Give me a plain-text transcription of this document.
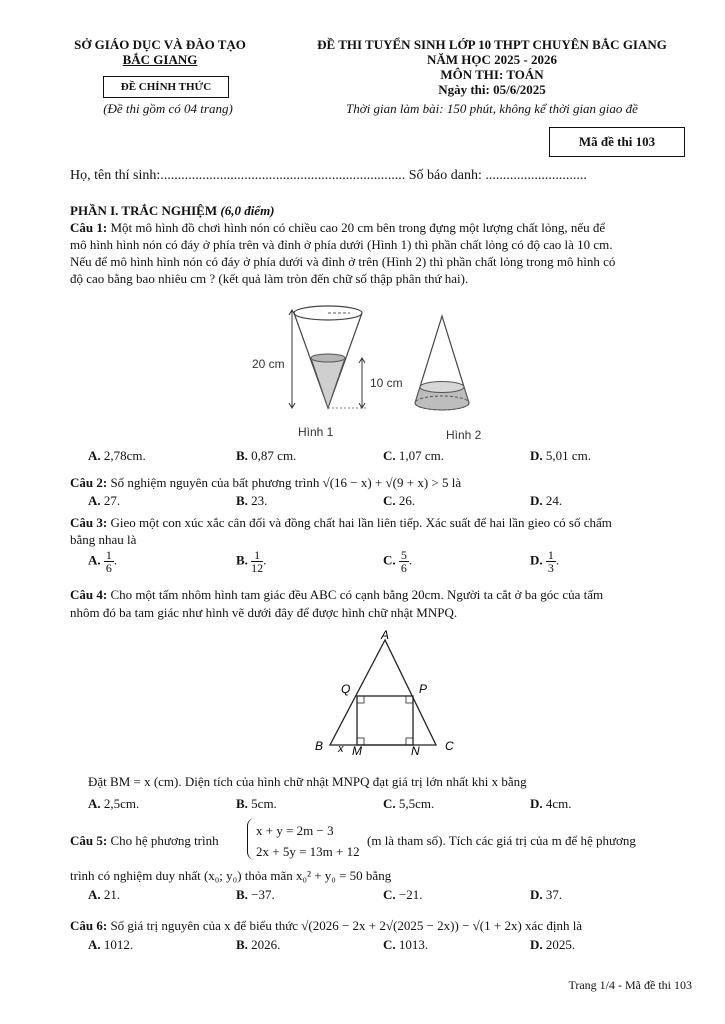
SỞ GIÁO DỤC VÀ ĐÀO TẠO
BẮC GIANG
ĐỀ CHÍNH THỨC
(Đề thi gồm có 04 trang)
ĐỀ THI TUYỂN SINH LỚP 10 THPT CHUYÊN BẮC GIANG
NĂM HỌC 2025 - 2026
MÔN THI: TOÁN
Ngày thi: 05/6/2025
Thời gian làm bài: 150 phút, không kể thời gian giao đề
Mã đề thi 103
Họ, tên thí sinh:...................................................................... Số báo danh: .............................
PHẦN I. TRẮC NGHIỆM (6,0 điểm)
Câu 1: Một mô hình đồ chơi hình nón có chiều cao 20 cm bên trong đựng một lượng chất lỏng, nếu để
mô hình hình nón có đáy ở phía trên và đỉnh ở phía dưới (Hình 1) thì phần chất lỏng có độ cao là 10 cm.
Nếu để mô hình hình nón có đáy ở phía dưới và đỉnh ở trên (Hình 2) thì phần chất lỏng trong mô hình có
độ cao bằng bao nhiêu cm ? (kết quả làm tròn đến chữ số thập phân thứ hai).
20 cm
10 cm
Hình 1	Hình 2
A. 2,78cm.	B. 0,87 cm.	C. 1,07 cm.	D. 5,01 cm.
Câu 2: Số nghiệm nguyên của bất phương trình √(16 − x) + √(9 + x) > 5 là
A. 27.	B. 23.	C. 26.	D. 24.
Câu 3: Gieo một con xúc xắc cân đối và đồng chất hai lần liên tiếp. Xác suất để hai lần gieo có số chấm
bằng nhau là
A. $\frac{1}{6}$ .	B. $\frac{1}{12}$ .	C. $\frac{5}{6}$ .	D. $\frac{1}{3}$ .
Câu 4: Cho một tấm nhôm hình tam giác đều ABC có cạnh bằng 20cm. Người ta cắt ở ba góc của tấm
nhôm đó ba tam giác như hình vẽ dưới đây để được hình chữ nhật MNPQ.
A
B	C
Q	P
M	N
x
Đặt BM = x (cm). Diện tích của hình chữ nhật MNPQ đạt giá trị lớn nhất khi x bằng
A. 2,5cm.	B. 5cm.	C. 5,5cm.	D. 4cm.
Câu 5: Cho hệ phương trình
x + y = 2m − 3
2x + 5y = 13m + 12
(m là tham số). Tích các giá trị của m để hệ phương
trình có nghiệm duy nhất (x₀; y₀) thỏa mãn x₀² + y₀ = 50 bằng
A. 21.	B. −37.	C. −21.	D. 37.
Câu 6: Số giá trị nguyên của x để biểu thức √(2026 − 2x + 2√(2025 − 2x)) − √(1 + 2x) xác định là
A. 1012.	B. 2026.	C. 1013.	D. 2025.
Trang 1/4 - Mã đề thi 103
